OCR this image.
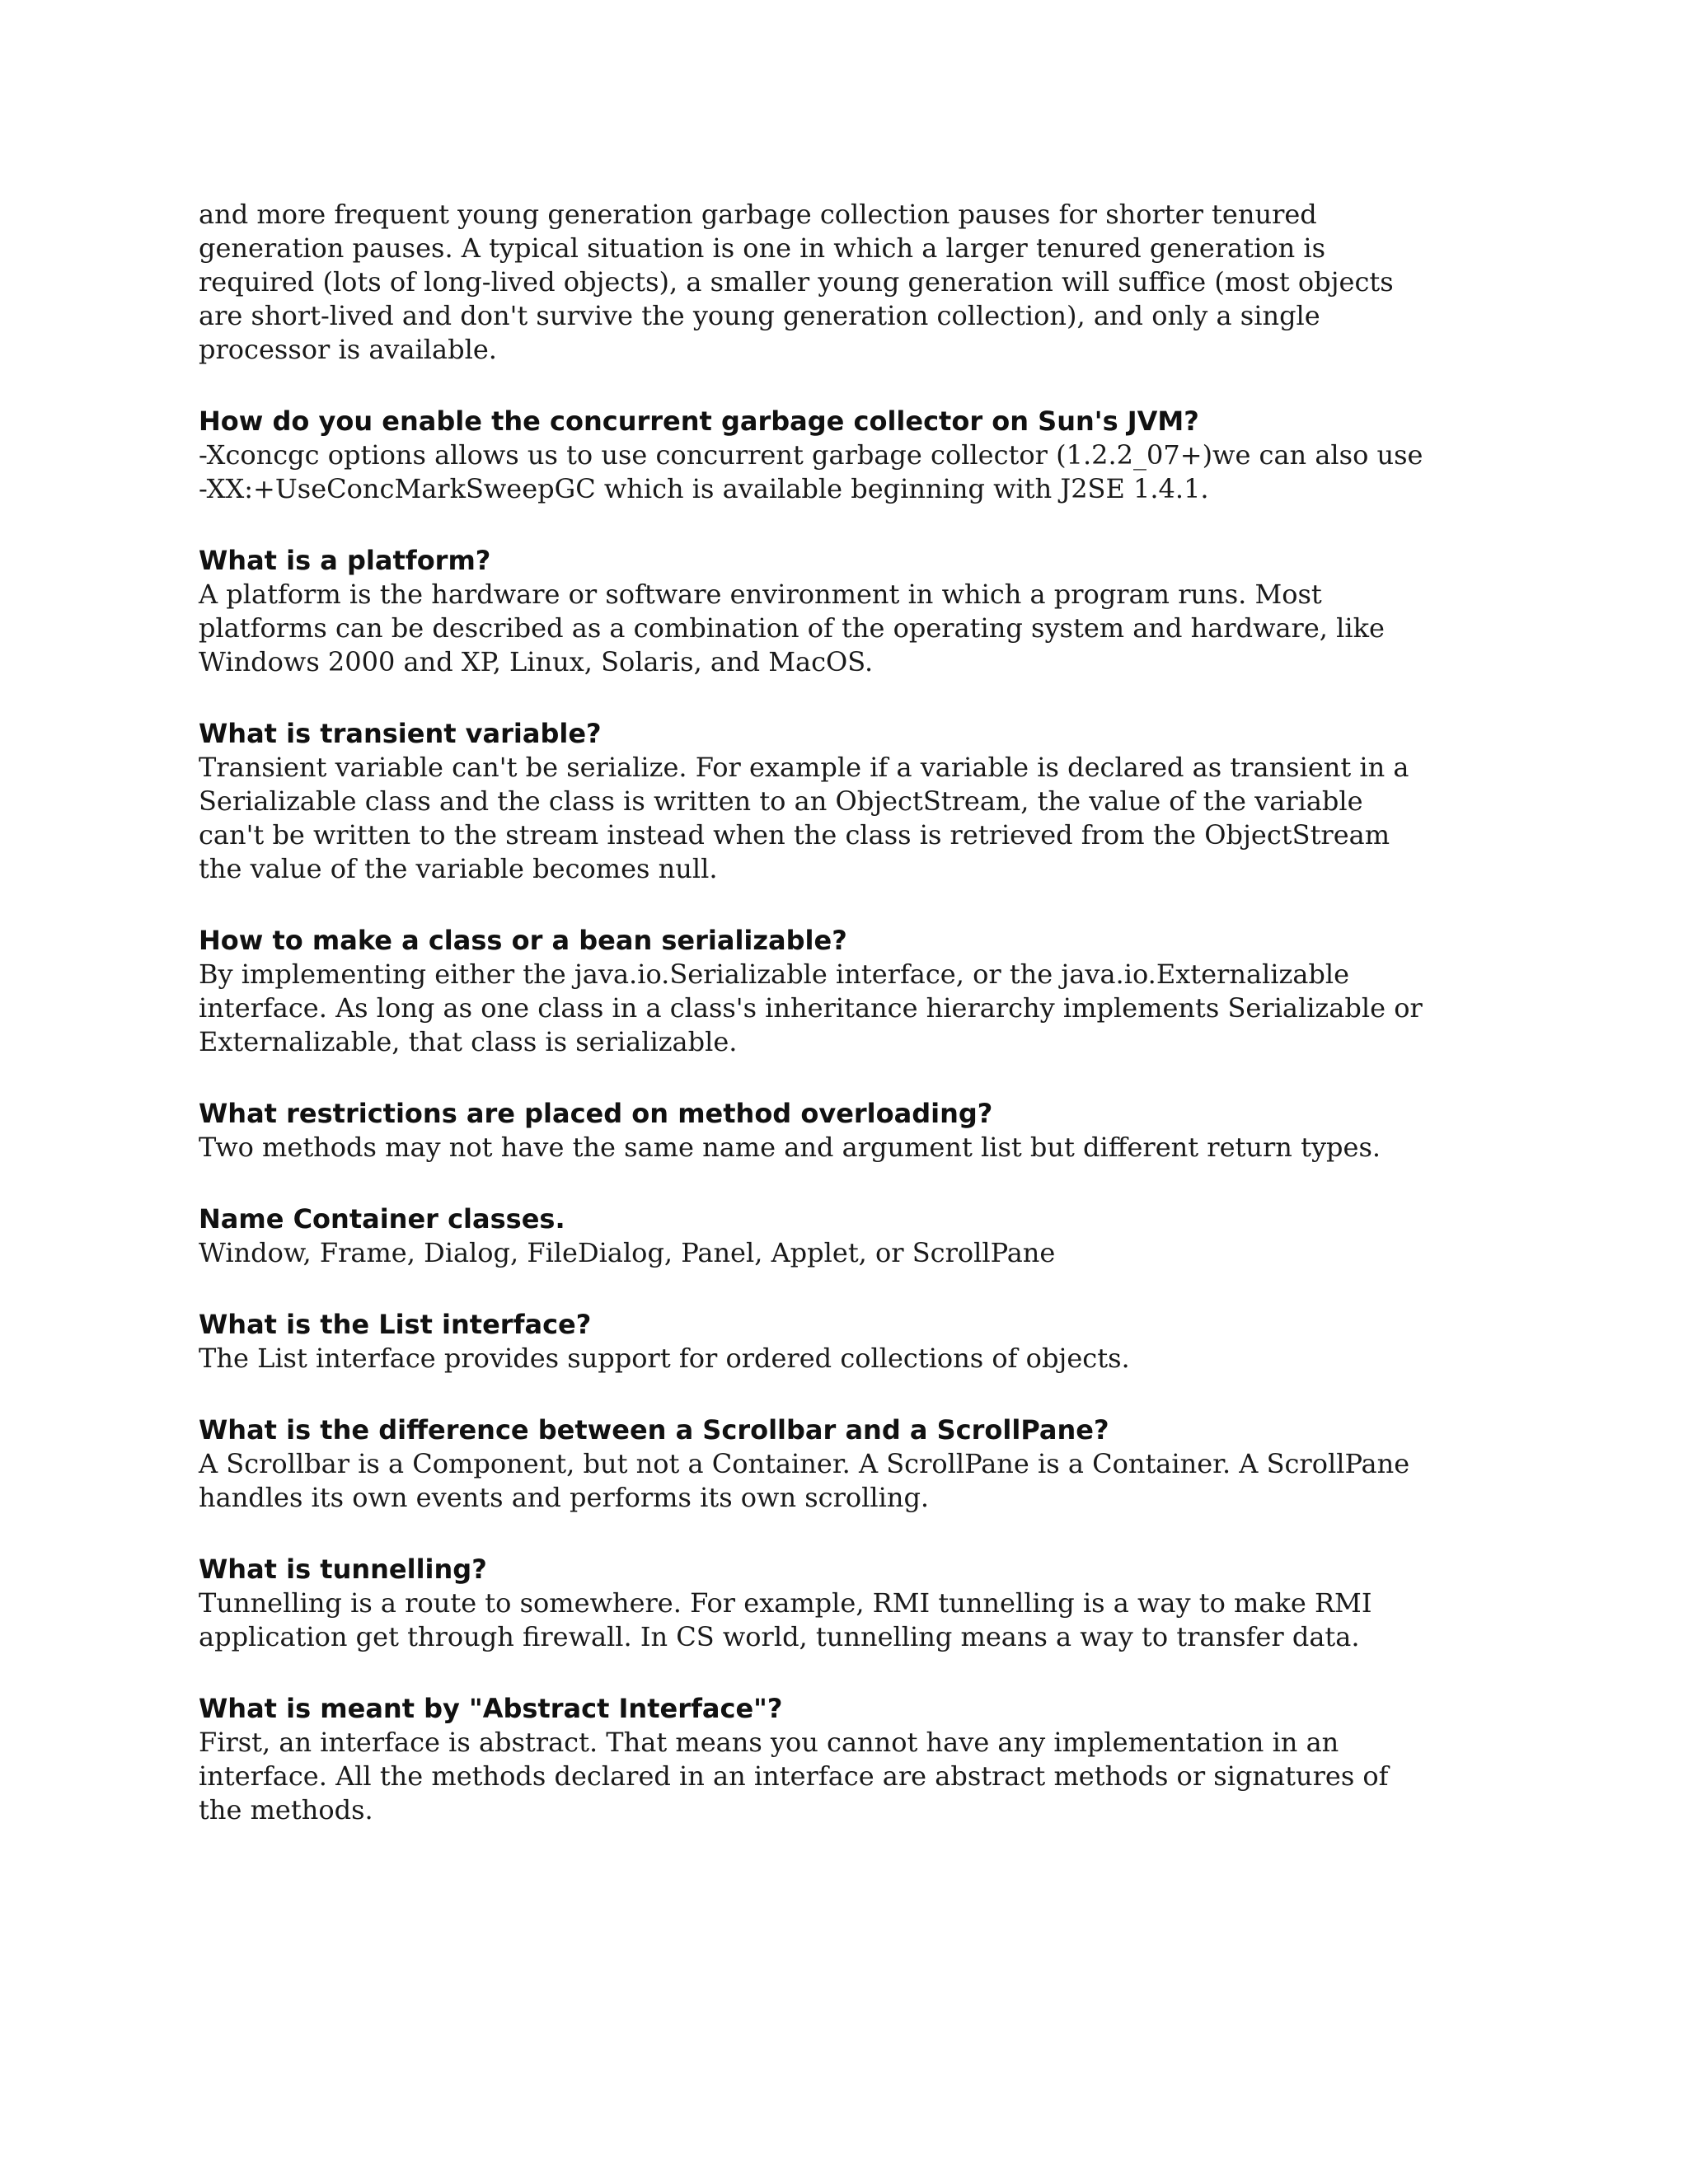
and more frequent young generation garbage collection pauses for shorter tenured
generation pauses. A typical situation is one in which a larger tenured generation is
required (lots of long-lived objects), a smaller young generation will suffice (most objects
are short-lived and don't survive the young generation collection), and only a single
processor is available.

How do you enable the concurrent garbage collector on Sun's JVM?

-Xconcgc options allows us to use concurrent garbage collector (1.2.2_07+)we can also use
-XX:+UseConcMarkSweepGC which is available beginning with J2SE 1.4.1.

What is a platform?

A platform is the hardware or software environment in which a program runs. Most
platforms can be described as a combination of the operating system and hardware, like
Windows 2000 and XP, Linux, Solaris, and MacOS.

What is transient variable?

Transient variable can't be serialize. For example if a variable is declared as transient in a
Serializable class and the class is written to an ObjectStream, the value of the variable
can't be written to the stream instead when the class is retrieved from the ObjectStream
the value of the variable becomes null.

How to make a class or a bean serializable?

By implementing either the java.io.Serializable interface, or the java.io.Externalizable
interface. As long as one class in a class's inheritance hierarchy implements Serializable or
Externalizable, that class is serializable.

What restrictions are placed on method overloading?

Two methods may not have the same name and argument list but different return types.

Name Container classes.

Window, Frame, Dialog, FileDialog, Panel, Applet, or ScrollPane

What is the List interface?

The List interface provides support for ordered collections of objects.

What is the difference between a Scrollbar and a ScrollPane?

A Scrollbar is a Component, but not a Container. A ScrollPane is a Container. A ScrollPane
handles its own events and performs its own scrolling.

What is tunnelling?

Tunnelling is a route to somewhere. For example, RMI tunnelling is a way to make RMI
application get through firewall. In CS world, tunnelling means a way to transfer data.

What is meant by "Abstract Interface"?

First, an interface is abstract. That means you cannot have any implementation in an
interface. All the methods declared in an interface are abstract methods or signatures of
the methods.
